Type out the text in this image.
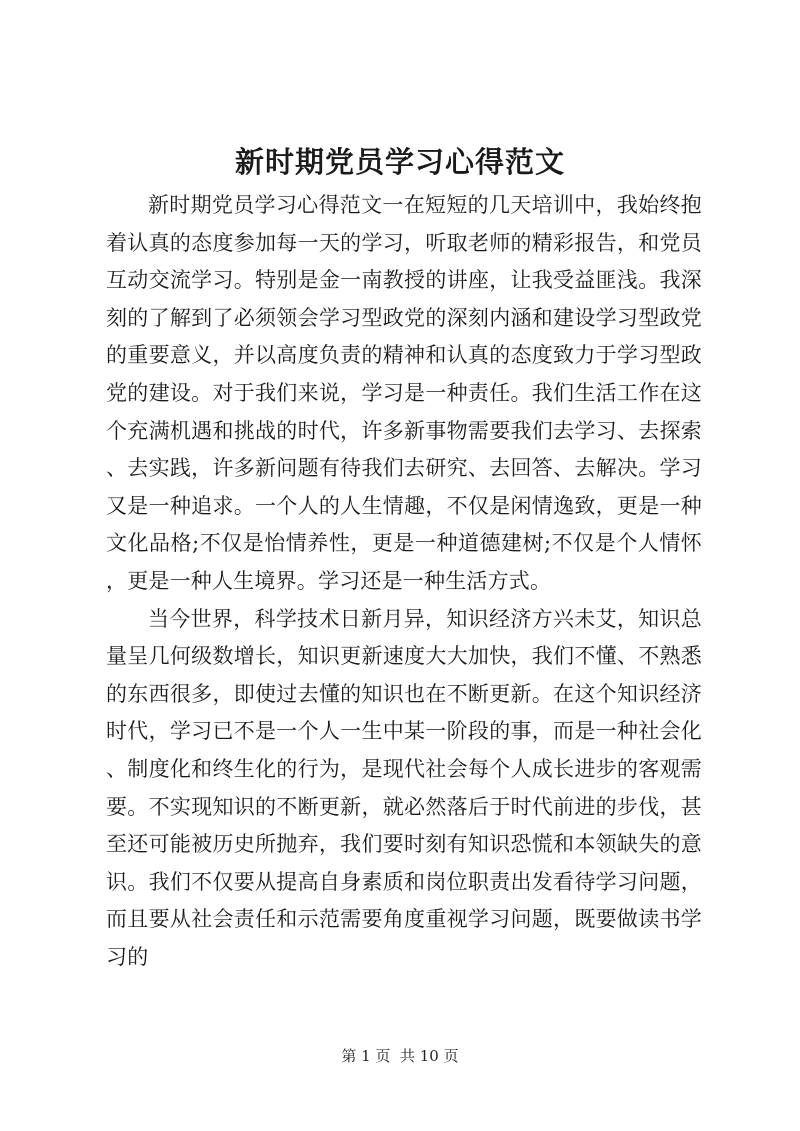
新时期党员学习心得范文

新时期党员学习心得范文一在短短的几天培训中，我始终抱着认真的态度参加每一天的学习，听取老师的精彩报告，和党员互动交流学习。特别是金一南教授的讲座，让我受益匪浅。我深刻的了解到了必须领会学习型政党的深刻内涵和建设学习型政党的重要意义，并以高度负责的精神和认真的态度致力于学习型政党的建设。对于我们来说，学习是一种责任。我们生活工作在这个充满机遇和挑战的时代，许多新事物需要我们去学习、去探索、去实践，许多新问题有待我们去研究、去回答、去解决。学习又是一种追求。一个人的人生情趣，不仅是闲情逸致，更是一种文化品格;不仅是怡情养性，更是一种道德建树;不仅是个人情怀，更是一种人生境界。学习还是一种生活方式。

当今世界，科学技术日新月异，知识经济方兴未艾，知识总量呈几何级数增长，知识更新速度大大加快，我们不懂、不熟悉的东西很多，即使过去懂的知识也在不断更新。在这个知识经济时代，学习已不是一个人一生中某一阶段的事，而是一种社会化、制度化和终生化的行为，是现代社会每个人成长进步的客观需要。不实现知识的不断更新，就必然落后于时代前进的步伐，甚至还可能被历史所抛弃，我们要时刻有知识恐慌和本领缺失的意识。我们不仅要从提高自身素质和岗位职责出发看待学习问题，而且要从社会责任和示范需要角度重视学习问题，既要做读书学习的

第 1 页  共 10 页
